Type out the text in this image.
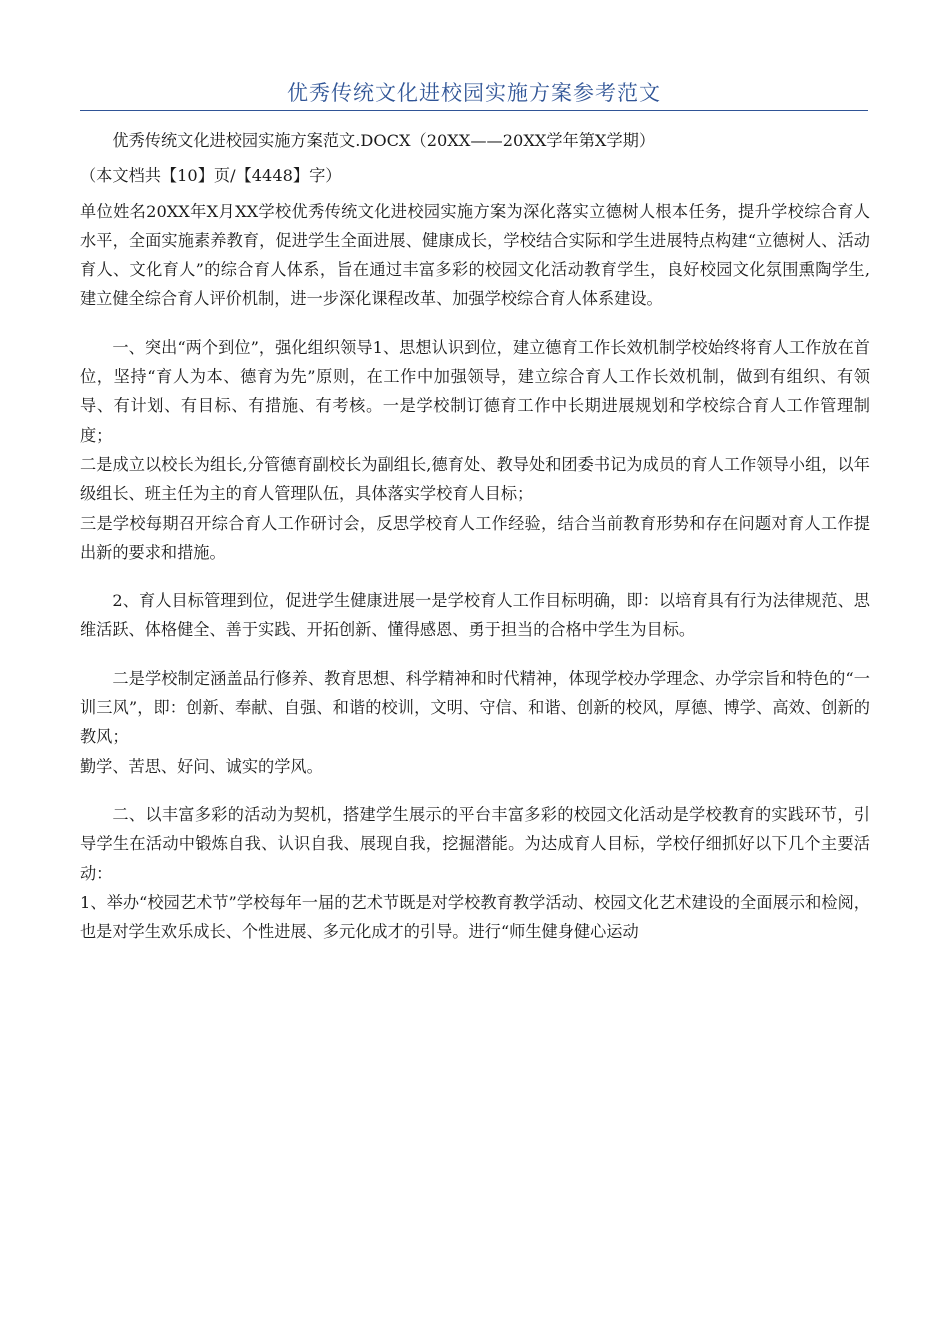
优秀传统文化进校园实施方案参考范文

优秀传统文化进校园实施方案范文.DOCX（20XX——20XX学年第X学期）

（本文档共【10】页/【4448】字）

单位姓名20XX年X月XX学校优秀传统文化进校园实施方案为深化落实立德树人根本任务，提升学校综合育人水平，全面实施素养教育，促进学生全面进展、健康成长，学校结合实际和学生进展特点构建“立德树人、活动育人、文化育人”的综合育人体系，旨在通过丰富多彩的校园文化活动教育学生，良好校园文化氛围熏陶学生,建立健全综合育人评价机制，进一步深化课程改革、加强学校综合育人体系建设。

一、突出“两个到位”，强化组织领导1、思想认识到位，建立德育工作长效机制学校始终将育人工作放在首位，坚持“育人为本、德育为先”原则，在工作中加强领导，建立综合育人工作长效机制，做到有组织、有领导、有计划、有目标、有措施、有考核。一是学校制订德育工作中长期进展规划和学校综合育人工作管理制度；

二是成立以校长为组长,分管德育副校长为副组长,德育处、教导处和团委书记为成员的育人工作领导小组，以年级组长、班主任为主的育人管理队伍，具体落实学校育人目标；

三是学校每期召开综合育人工作研讨会，反思学校育人工作经验，结合当前教育形势和存在问题对育人工作提出新的要求和措施。

2、育人目标管理到位，促进学生健康进展一是学校育人工作目标明确，即：以培育具有行为法律规范、思维活跃、体格健全、善于实践、开拓创新、懂得感恩、勇于担当的合格中学生为目标。

二是学校制定涵盖品行修养、教育思想、科学精神和时代精神，体现学校办学理念、办学宗旨和特色的“一训三风”，即：创新、奉献、自强、和谐的校训，文明、守信、和谐、创新的校风，厚德、博学、高效、创新的教风；

勤学、苦思、好问、诚实的学风。

二、以丰富多彩的活动为契机，搭建学生展示的平台丰富多彩的校园文化活动是学校教育的实践环节，引导学生在活动中锻炼自我、认识自我、展现自我，挖掘潜能。为达成育人目标，学校仔细抓好以下几个主要活动：

1、举办“校园艺术节”学校每年一届的艺术节既是对学校教育教学活动、校园文化艺术建设的全面展示和检阅，也是对学生欢乐成长、个性进展、多元化成才的引导。进行“师生健身健心运动
